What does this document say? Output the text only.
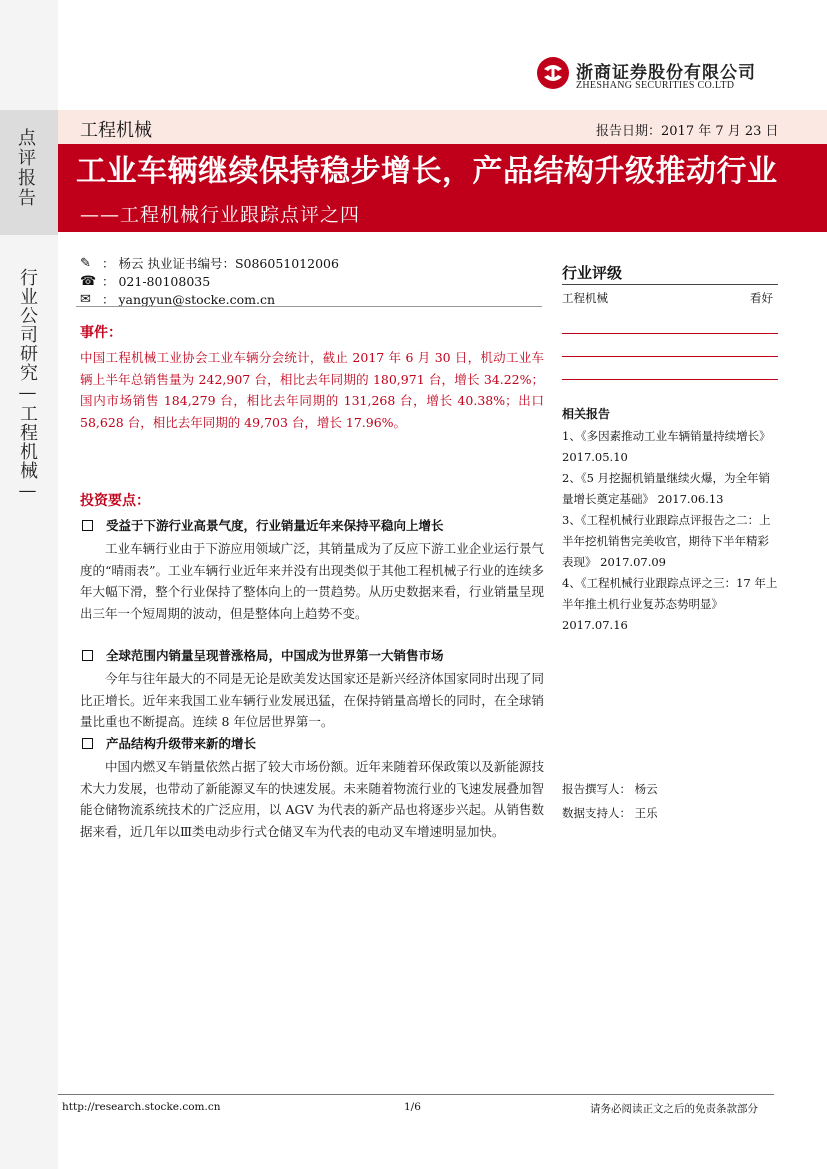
点评报告
行业公司研究—工程机械—
浙商证券股份有限公司
ZHESHANG SECURITIES CO.LTD
工程机械	报告日期：2017 年 7 月 23 日
工业车辆继续保持稳步增长，产品结构升级推动行业
——工程机械行业跟踪点评之四
✎ ： 杨云 执业证书编号：S086051012006
☎ ： 021-80108035
✉ ： yangyun@stocke.com.cn
事件：
中国工程机械工业协会工业车辆分会统计，截止 2017 年 6 月 30 日，机动工业车辆上半年总销售量为 242,907 台，相比去年同期的 180,971 台，增长 34.22%；国内市场销售 184,279 台，相比去年同期的 131,268 台，增长 40.38%；出口 58,628 台，相比去年同期的 49,703 台，增长 17.96%。
投资要点：
受益于下游行业高景气度，行业销量近年来保持平稳向上增长
工业车辆行业由于下游应用领域广泛，其销量成为了反应下游工业企业运行景气度的“晴雨表”。工业车辆行业近年来并没有出现类似于其他工程机械子行业的连续多年大幅下滑，整个行业保持了整体向上的一贯趋势。从历史数据来看，行业销量呈现出三年一个短周期的波动，但是整体向上趋势不变。
全球范围内销量呈现普涨格局，中国成为世界第一大销售市场
今年与往年最大的不同是无论是欧美发达国家还是新兴经济体国家同时出现了同比正增长。近年来我国工业车辆行业发展迅猛，在保持销量高增长的同时，在全球销量比重也不断提高。连续 8 年位居世界第一。
产品结构升级带来新的增长
中国内燃叉车销量依然占据了较大市场份额。近年来随着环保政策以及新能源技术大力发展，也带动了新能源叉车的快速发展。未来随着物流行业的飞速发展叠加智能仓储物流系统技术的广泛应用，以 AGV 为代表的新产品也将逐步兴起。从销售数据来看，近几年以Ⅲ类电动步行式仓储叉车为代表的电动叉车增速明显加快。
行业评级
工程机械	看好
相关报告
1、《多因素推动工业车辆销量持续增长》 2017.05.10
2、《5 月挖掘机销量继续火爆，为全年销量增长奠定基础》 2017.06.13
3、《工程机械行业跟踪点评报告之二：上半年挖机销售完美收官，期待下半年精彩表现》 2017.07.09
4、《工程机械行业跟踪点评之三：17 年上半年推土机行业复苏态势明显》 2017.07.16
报告撰写人： 杨云
数据支持人： 王乐
http://research.stocke.com.cn	1/6	请务必阅读正文之后的免责条款部分
